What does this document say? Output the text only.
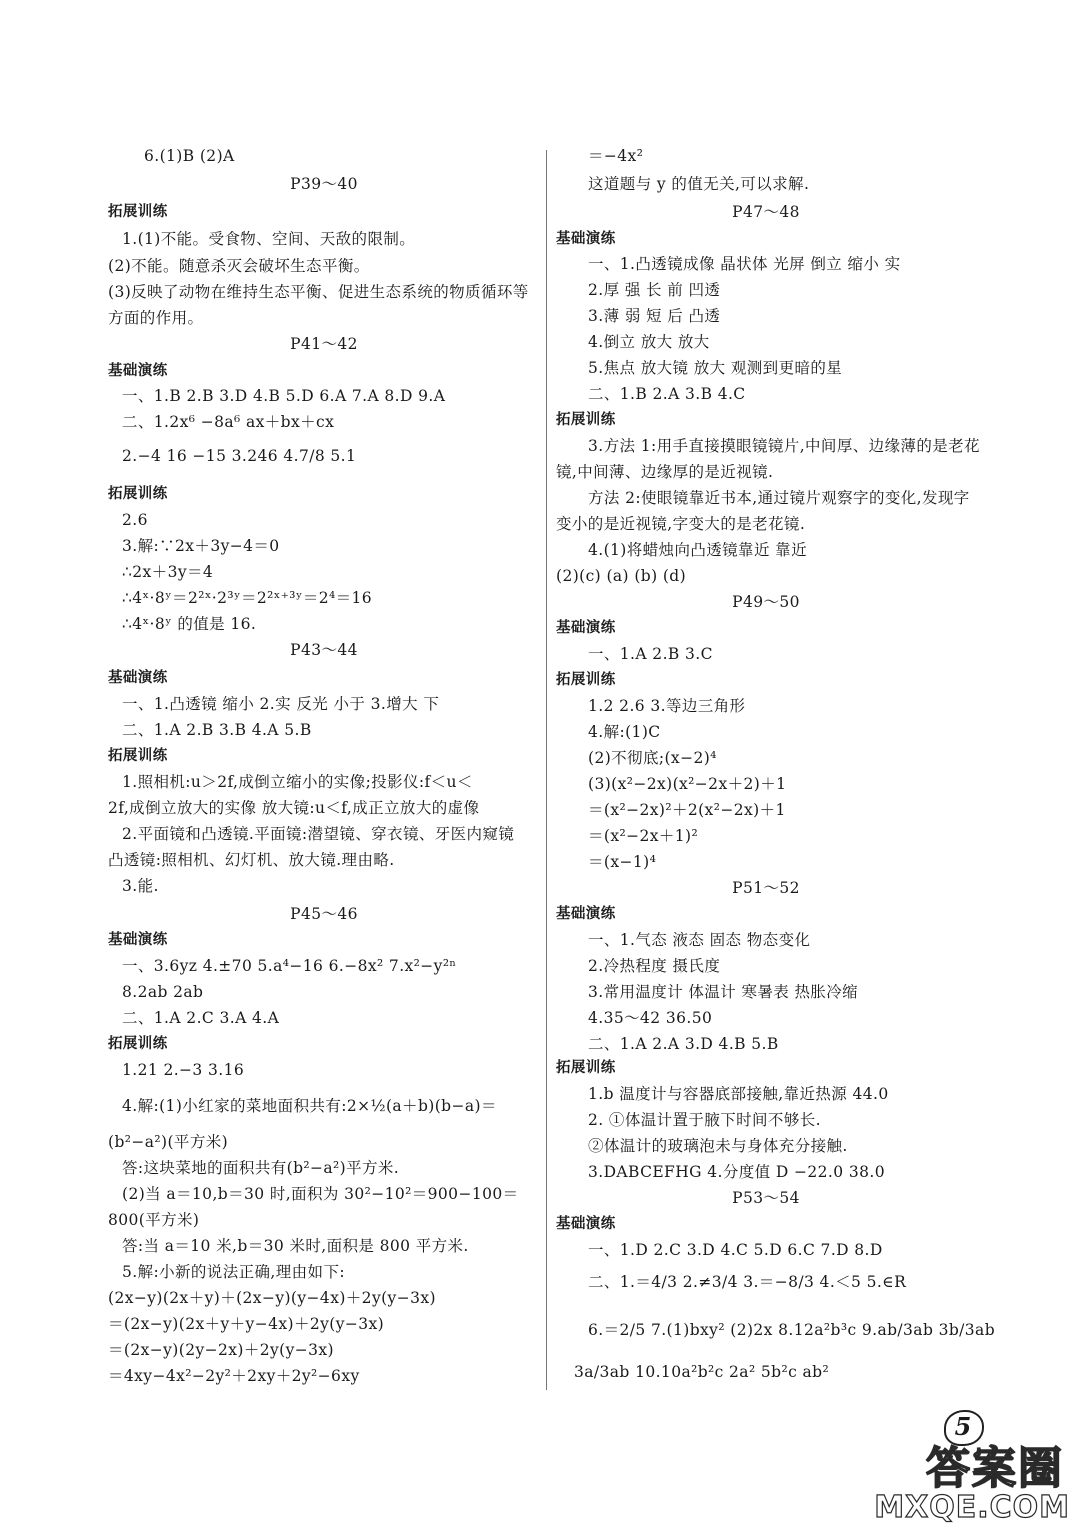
6.(1)B (2)A
P39～40
拓展训练
1.(1)不能。受食物、空间、天敌的限制。
(2)不能。随意杀灭会破坏生态平衡。
(3)反映了动物在维持生态平衡、促进生态系统的物质循环等
方面的作用。
P41～42
基础演练
一、1.B 2.B 3.D 4.B 5.D 6.A 7.A 8.D 9.A
二、1.2x⁶ −8a⁶ ax＋bx＋cx
2.−4 16 −15 3.246 4.7/8 5.1
拓展训练
2.6
3.解:∵2x＋3y−4＝0
∴2x＋3y＝4
∴4ˣ·8ʸ＝2²ˣ·2³ʸ＝2²ˣ⁺³ʸ＝2⁴＝16
∴4ˣ·8ʸ 的值是 16.
P43～44
基础演练
一、1.凸透镜 缩小 2.实 反光 小于 3.增大 下
二、1.A 2.B 3.B 4.A 5.B
拓展训练
1.照相机:u＞2f,成倒立缩小的实像;投影仪:f＜u＜
2f,成倒立放大的实像 放大镜:u＜f,成正立放大的虚像
2.平面镜和凸透镜.平面镜:潜望镜、穿衣镜、牙医内窥镜
凸透镜:照相机、幻灯机、放大镜.理由略.
3.能.
P45～46
基础演练
一、3.6yz 4.±70 5.a⁴−16 6.−8x² 7.x²−y²ⁿ
8.2ab 2ab
二、1.A 2.C 3.A 4.A
拓展训练
1.21 2.−3 3.16
4.解:(1)小红家的菜地面积共有:2×½(a＋b)(b−a)＝
(b²−a²)(平方米)
答:这块菜地的面积共有(b²−a²)平方米.
(2)当 a＝10,b＝30 时,面积为 30²−10²＝900−100＝
800(平方米)
答:当 a＝10 米,b＝30 米时,面积是 800 平方米.
5.解:小新的说法正确,理由如下:
(2x−y)(2x＋y)＋(2x−y)(y−4x)＋2y(y−3x)
＝(2x−y)(2x＋y＋y−4x)＋2y(y−3x)
＝(2x−y)(2y−2x)＋2y(y−3x)
＝4xy−4x²−2y²＋2xy＋2y²−6xy
＝−4x²
这道题与 y 的值无关,可以求解.
P47～48
基础演练
一、1.凸透镜成像 晶状体 光屏 倒立 缩小 实
2.厚 强 长 前 凹透
3.薄 弱 短 后 凸透
4.倒立 放大 放大
5.焦点 放大镜 放大 观测到更暗的星
二、1.B 2.A 3.B 4.C
拓展训练
3.方法 1:用手直接摸眼镜镜片,中间厚、边缘薄的是老花
镜,中间薄、边缘厚的是近视镜.
方法 2:使眼镜靠近书本,通过镜片观察字的变化,发现字
变小的是近视镜,字变大的是老花镜.
4.(1)将蜡烛向凸透镜靠近 靠近
(2)(c) (a) (b) (d)
P49～50
基础演练
一、1.A 2.B 3.C
拓展训练
1.2 2.6 3.等边三角形
4.解:(1)C
(2)不彻底;(x−2)⁴
(3)(x²−2x)(x²−2x＋2)＋1
＝(x²−2x)²＋2(x²−2x)＋1
＝(x²−2x＋1)²
＝(x−1)⁴
P51～52
基础演练
一、1.气态 液态 固态 物态变化
2.冷热程度 摄氏度
3.常用温度计 体温计 寒暑表 热胀冷缩
4.35～42 36.50
二、1.A 2.A 3.D 4.B 5.B
拓展训练
1.b 温度计与容器底部接触,靠近热源 44.0
2. ①体温计置于腋下时间不够长.
②体温计的玻璃泡未与身体充分接触.
3.DABCEFHG 4.分度值 D −22.0 38.0
P53～54
基础演练
一、1.D 2.C 3.D 4.C 5.D 6.C 7.D 8.D
二、1.＝4/3 2.≠3/4 3.＝−8/3 4.＜5 5.∈R
6.＝2/5 7.(1)bxy² (2)2x 8.12a²b³c 9.ab/3ab 3b/3ab
3a/3ab 10.10a²b²c 2a² 5b²c ab²
5
答案圈
MXQE.COM
